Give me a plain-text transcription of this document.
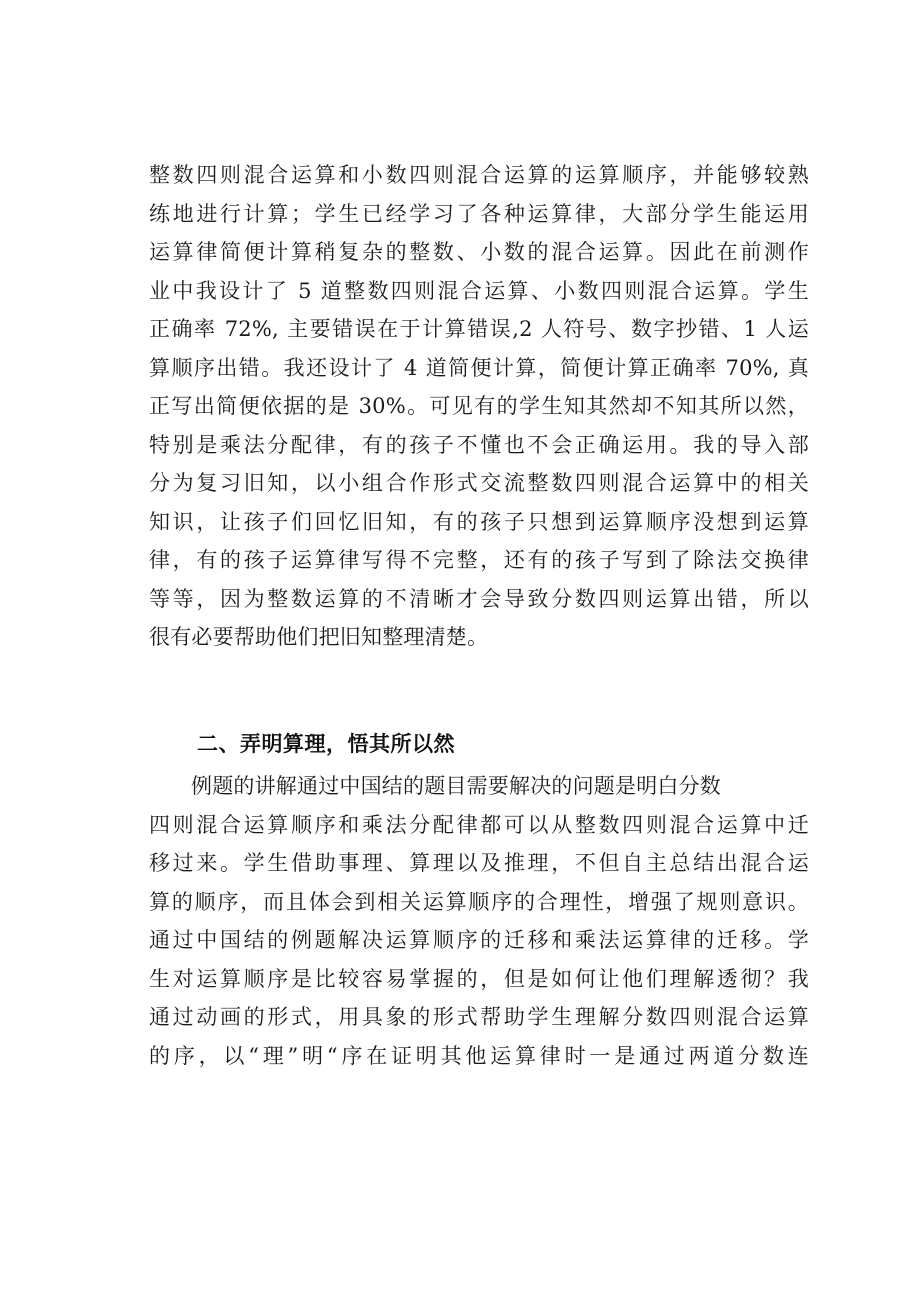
整数四则混合运算和小数四则混合运算的运算顺序，并能够较熟
练地进行计算；学生已经学习了各种运算律，大部分学生能运用
运算律简便计算稍复杂的整数、小数的混合运算。因此在前测作
业中我设计了 5 道整数四则混合运算、小数四则混合运算。学生
正确率 72%, 主要错误在于计算错误,2 人符号、数字抄错、1 人运
算顺序出错。我还设计了 4 道简便计算，简便计算正确率 70%, 真
正写出简便依据的是 30%。可见有的学生知其然却不知其所以然，
特别是乘法分配律，有的孩子不懂也不会正确运用。我的导入部
分为复习旧知，以小组合作形式交流整数四则混合运算中的相关
知识，让孩子们回忆旧知，有的孩子只想到运算顺序没想到运算
律，有的孩子运算律写得不完整，还有的孩子写到了除法交换律
等等，因为整数运算的不清晰才会导致分数四则运算出错，所以
很有必要帮助他们把旧知整理清楚。
二、弄明算理，悟其所以然
例题的讲解通过中国结的题目需要解决的问题是明白分数
四则混合运算顺序和乘法分配律都可以从整数四则混合运算中迁
移过来。学生借助事理、算理以及推理，不但自主总结出混合运
算的顺序，而且体会到相关运算顺序的合理性，增强了规则意识。
通过中国结的例题解决运算顺序的迁移和乘法运算律的迁移。学
生对运算顺序是比较容易掌握的，但是如何让他们理解透彻？我
通过动画的形式，用具象的形式帮助学生理解分数四则混合运算
的序，以“理”明“序在证明其他运算律时一是通过两道分数连
